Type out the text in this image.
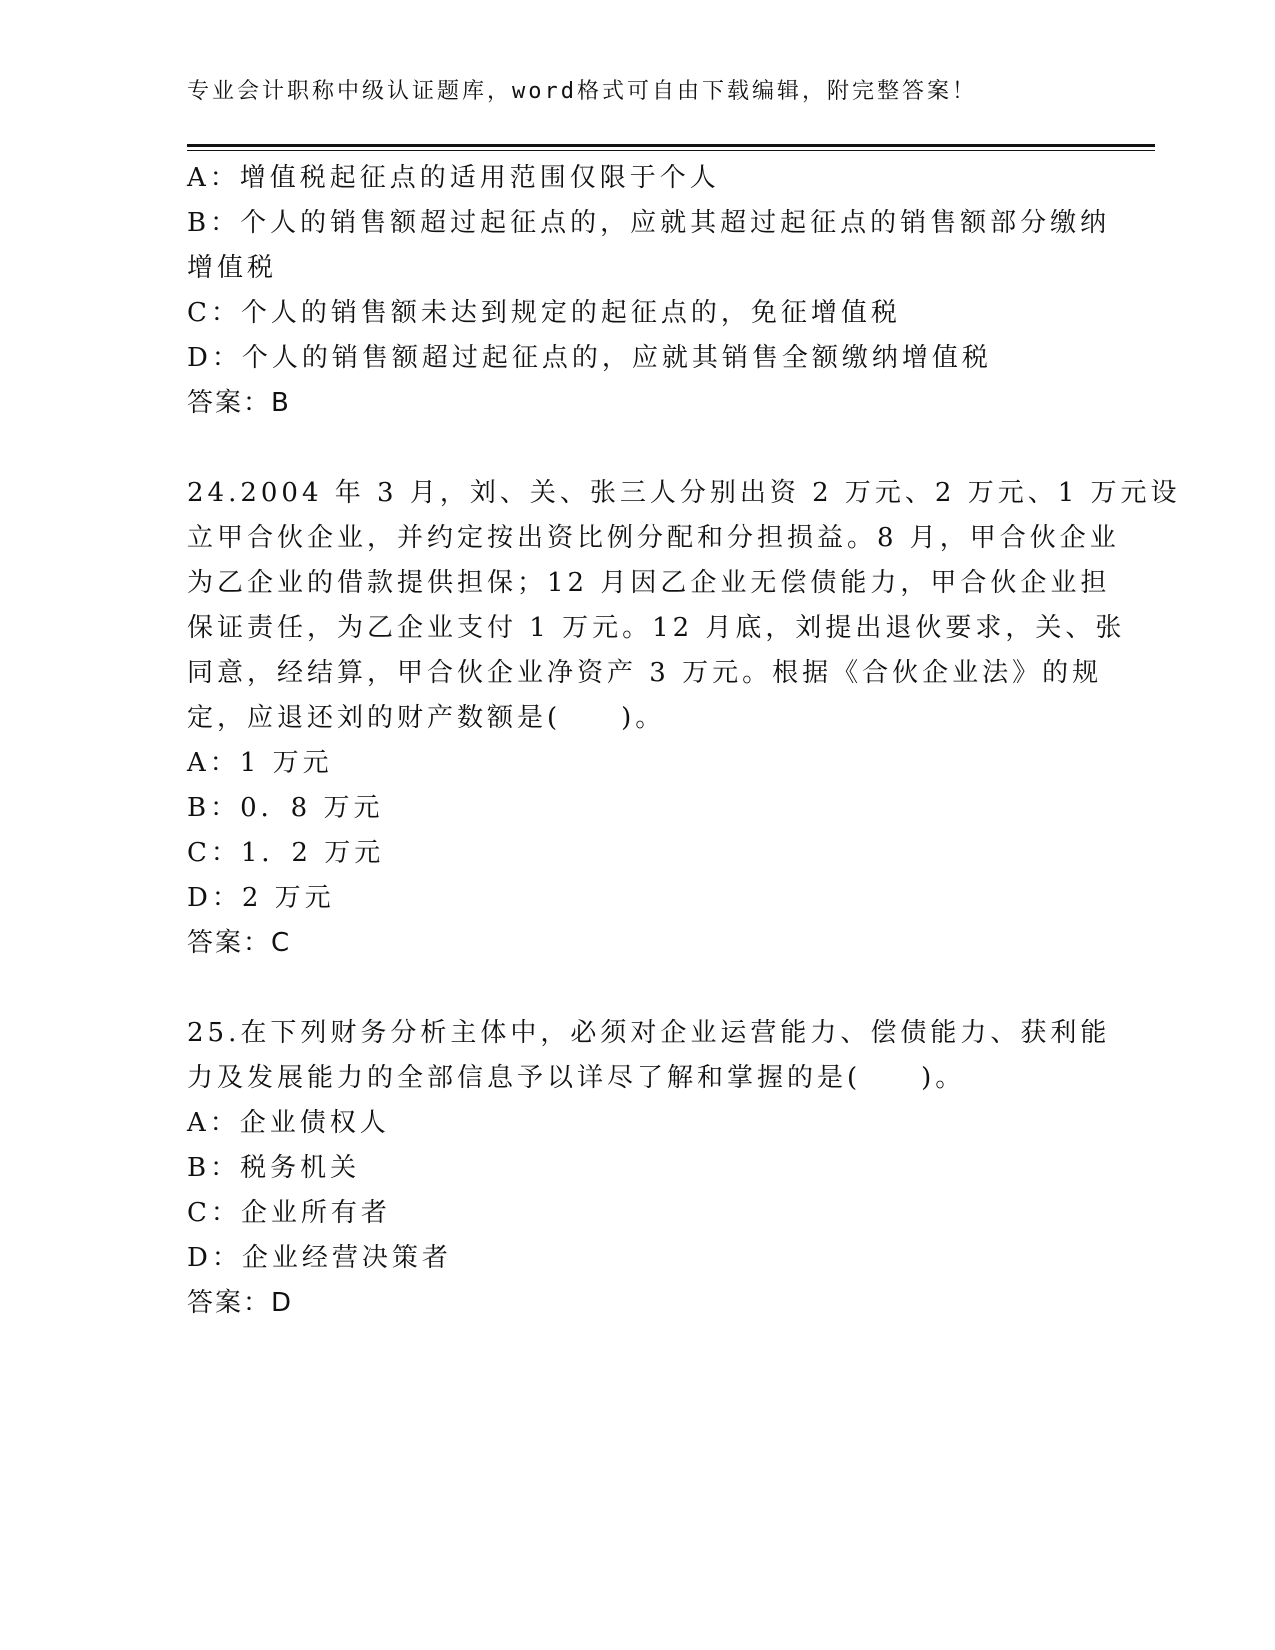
专业会计职称中级认证题库，word格式可自由下载编辑，附完整答案！
A：增值税起征点的适用范围仅限于个人
B：个人的销售额超过起征点的，应就其超过起征点的销售额部分缴纳
增值税
C：个人的销售额未达到规定的起征点的，免征增值税
D：个人的销售额超过起征点的，应就其销售全额缴纳增值税
答案：B
24.2004 年 3 月，刘、关、张三人分别出资 2 万元、2 万元、1 万元设
立甲合伙企业，并约定按出资比例分配和分担损益。8 月，甲合伙企业
为乙企业的借款提供担保；12 月因乙企业无偿债能力，甲合伙企业担
保证责任，为乙企业支付 1 万元。12 月底，刘提出退伙要求，关、张
同意，经结算，甲合伙企业净资产 3 万元。根据《合伙企业法》的规
定，应退还刘的财产数额是(　　)。
A：1 万元
B：0．8 万元
C：1．2 万元
D：2 万元
答案：C
25.在下列财务分析主体中，必须对企业运营能力、偿债能力、获利能
力及发展能力的全部信息予以详尽了解和掌握的是(　　)。
A：企业债权人
B：税务机关
C：企业所有者
D：企业经营决策者
答案：D
